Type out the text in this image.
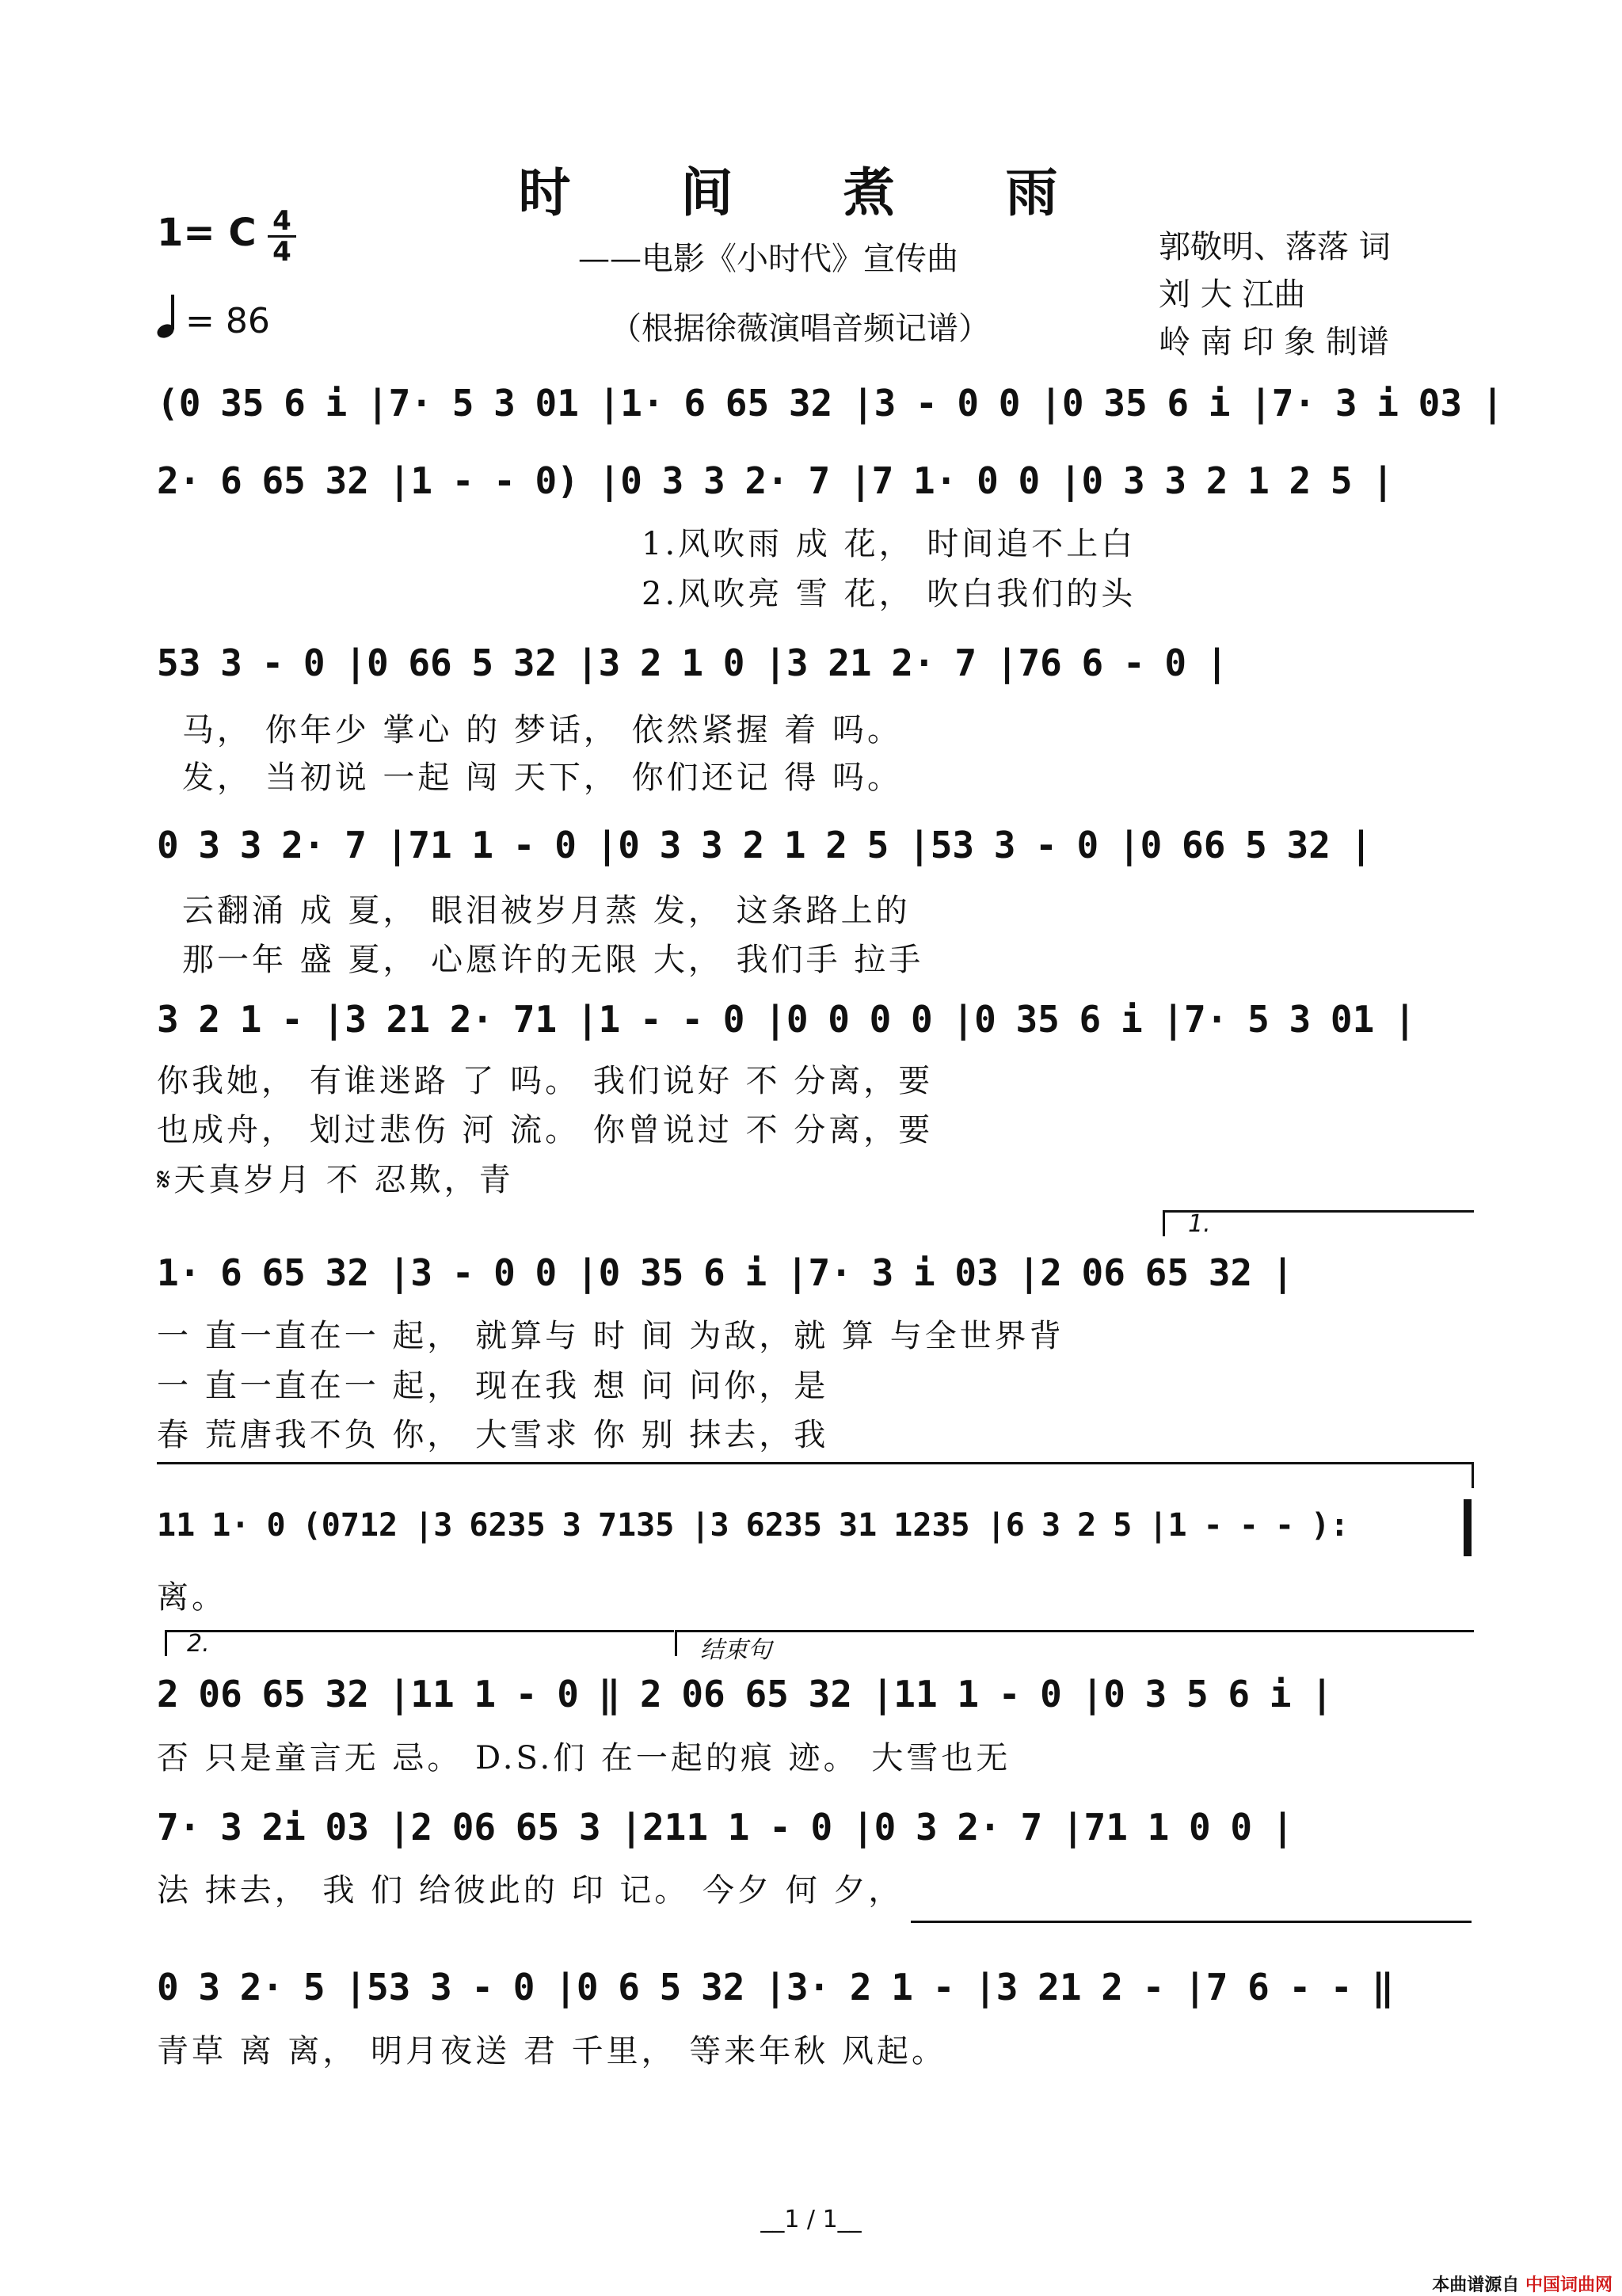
时 间 煮 雨
——电影《小时代》宣传曲
（根据徐薇演唱音频记谱）
郭敬明、落落 词
刘 大 江曲
岭 南 印 象 制谱
1= C 4
4
= 86
(0 35 6 i |7· 5 3 01 |1· 6 65 32 |3 - 0 0 |0 35 6 i |7· 3 i 03 |
2· 6 65 32 |1 - - 0) |0 3 3 2· 7 |7 1· 0 0 |0 3 3 2 1 2 5 |
1.风吹雨 成 花， 时间追不上白
2.风吹亮 雪 花， 吹白我们的头
53 3 - 0 |0 66 5 32 |3 2 1 0 |3 21 2· 7 |76 6 - 0 |
马， 你年少 掌心 的 梦话， 依然紧握 着 吗。
发， 当初说 一起 闯 天下， 你们还记 得 吗。
0 3 3 2· 7 |71 1 - 0 |0 3 3 2 1 2 5 |53 3 - 0 |0 66 5 32 |
云翻涌 成 夏， 眼泪被岁月蒸 发， 这条路上的
那一年 盛 夏， 心愿许的无限 大， 我们手 拉手
3 2 1 - |3 21 2· 71 |1 - - 0 |0 0 0 0 |0 35 6 i |7· 5 3 01 |
你我她， 有谁迷路 了 吗。 我们说好 不 分离，要
也成舟， 划过悲伤 河 流。 你曾说过 不 分离，要
𝄋天真岁月 不 忍欺，青
1.
1· 6 65 32 |3 - 0 0 |0 35 6 i |7· 3 i 03 |2 06 65 32 |
一 直一直在一 起， 就算与 时 间 为敌，就 算 与全世界背
一 直一直在一 起， 现在我 想 问 问你，是
春 荒唐我不负 你， 大雪求 你 别 抹去，我
11 1· 0 (0712 |3 6235 3 7135 |3 6235 31 1235 |6 3 2 5 |1 - - - ):
离。
2.	结束句
2 06 65 32 |11 1 - 0 ‖ 2 06 65 32 |11 1 - 0 |0 3 5 6 i |
否 只是童言无 忌。 D.S.们 在一起的痕 迹。 大雪也无
7· 3 2i 03 |2 06 65 3 |211 1 - 0 |0 3 2· 7 |71 1 0 0 |
法 抹去， 我 们 给彼此的 印 记。 今夕 何 夕，
0 3 2· 5 |53 3 - 0 |0 6 5 32 |3· 2 1 - |3 21 2 - |7 6 - - ‖
青草 离 离， 明月夜送 君 千里， 等来年秋 风起。
__1 / 1__
本曲谱源自 中国词曲网
